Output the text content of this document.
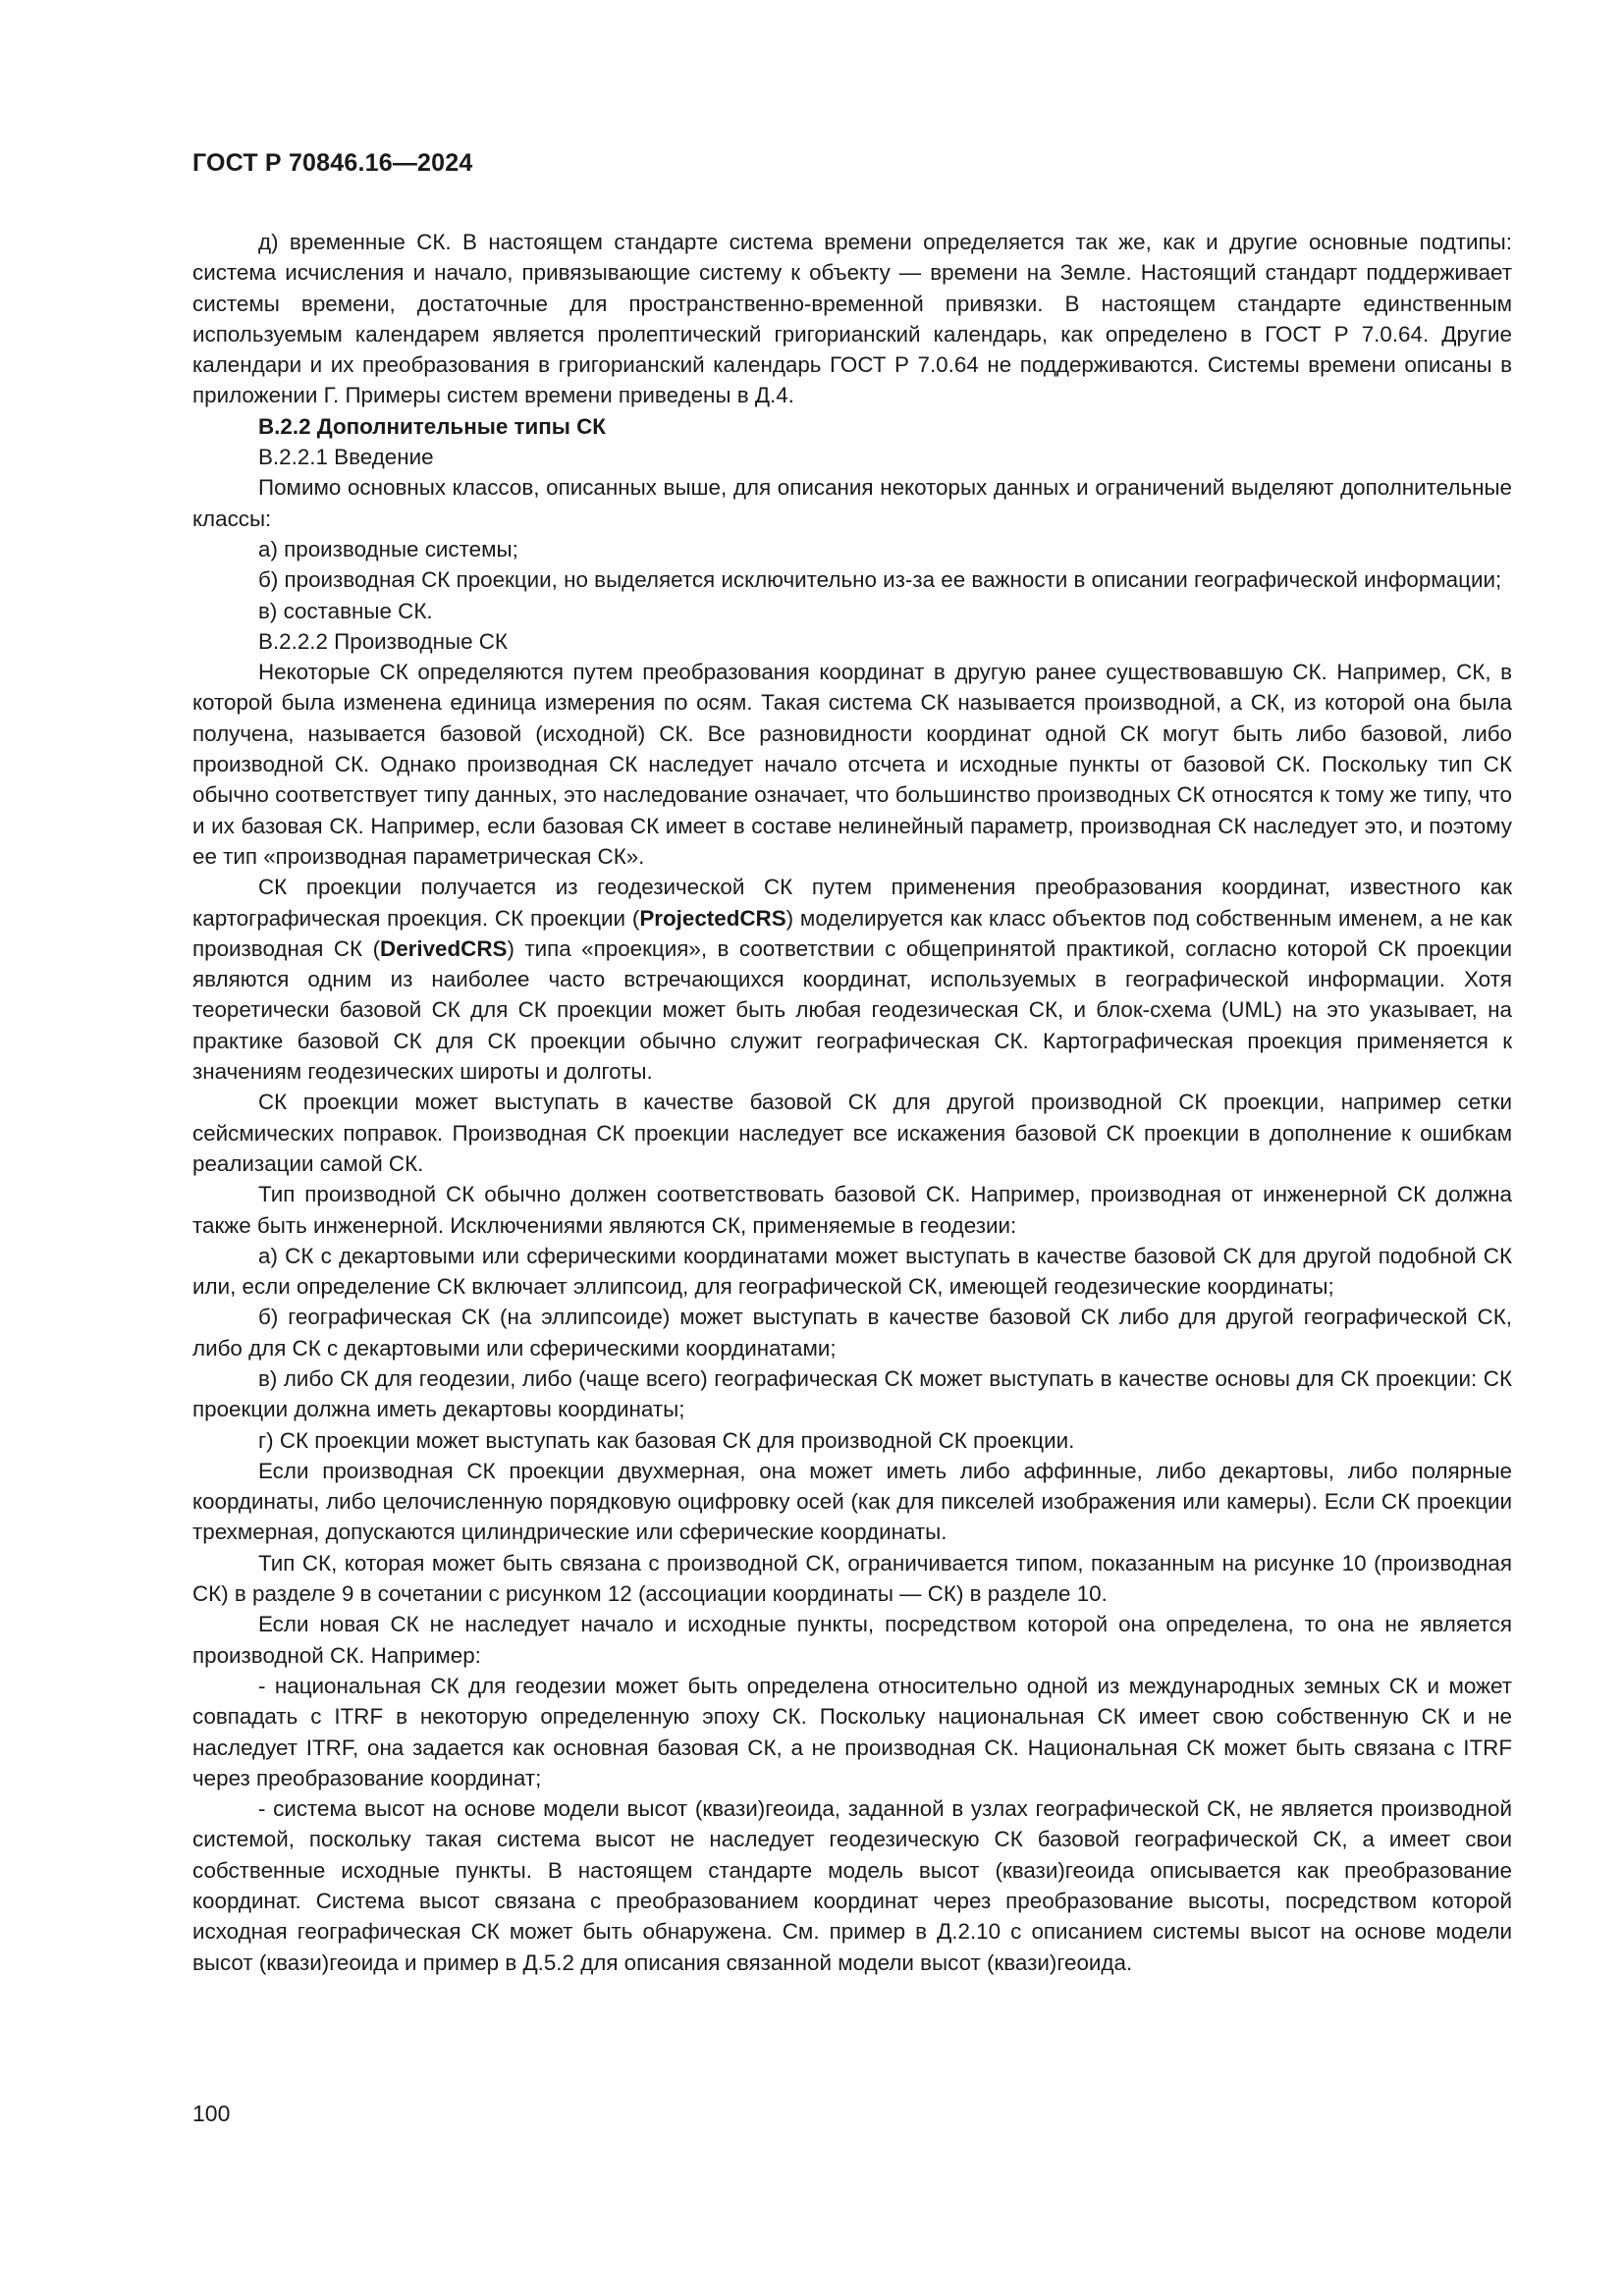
ГОСТ Р 70846.16—2024

д) временные СК. В настоящем стандарте система времени определяется так же, как и другие основные подтипы: система исчисления и начало, привязывающие систему к объекту — времени на Земле. Настоящий стандарт поддерживает системы времени, достаточные для пространственно-временной привязки. В настоящем стандарте единственным используемым календарем является пролептический григорианский календарь, как определено в ГОСТ Р 7.0.64. Другие календари и их преобразования в григорианский календарь ГОСТ Р 7.0.64 не поддерживаются. Системы времени описаны в приложении Г. Примеры систем времени приведены в Д.4.

В.2.2 Дополнительные типы СК

В.2.2.1 Введение

Помимо основных классов, описанных выше, для описания некоторых данных и ограничений выделяют дополнительные классы:

а) производные системы;

б) производная СК проекции, но выделяется исключительно из-за ее важности в описании географической информации;

в) составные СК.

В.2.2.2 Производные СК

Некоторые СК определяются путем преобразования координат в другую ранее существовавшую СК. Например, СК, в которой была изменена единица измерения по осям. Такая система СК называется производной, а СК, из которой она была получена, называется базовой (исходной) СК. Все разновидности координат одной СК могут быть либо базовой, либо производной СК. Однако производная СК наследует начало отсчета и исходные пункты от базовой СК. Поскольку тип СК обычно соответствует типу данных, это наследование означает, что большинство производных СК относятся к тому же типу, что и их базовая СК. Например, если базовая СК имеет в составе нелинейный параметр, производная СК наследует это, и поэтому ее тип «производная параметрическая СК».

СК проекции получается из геодезической СК путем применения преобразования координат, известного как картографическая проекция. СК проекции (ProjectedCRS) моделируется как класс объектов под собственным именем, а не как производная СК (DerivedCRS) типа «проекция», в соответствии с общепринятой практикой, согласно которой СК проекции являются одним из наиболее часто встречающихся координат, используемых в географической информации. Хотя теоретически базовой СК для СК проекции может быть любая геодезическая СК, и блок-схема (UML) на это указывает, на практике базовой СК для СК проекции обычно служит географическая СК. Картографическая проекция применяется к значениям геодезических широты и долготы.

СК проекции может выступать в качестве базовой СК для другой производной СК проекции, например сетки сейсмических поправок. Производная СК проекции наследует все искажения базовой СК проекции в дополнение к ошибкам реализации самой СК.

Тип производной СК обычно должен соответствовать базовой СК. Например, производная от инженерной СК должна также быть инженерной. Исключениями являются СК, применяемые в геодезии:

а) СК с декартовыми или сферическими координатами может выступать в качестве базовой СК для другой подобной СК или, если определение СК включает эллипсоид, для географической СК, имеющей геодезические координаты;

б) географическая СК (на эллипсоиде) может выступать в качестве базовой СК либо для другой географической СК, либо для СК с декартовыми или сферическими координатами;

в) либо СК для геодезии, либо (чаще всего) географическая СК может выступать в качестве основы для СК проекции: СК проекции должна иметь декартовы координаты;

г) СК проекции может выступать как базовая СК для производной СК проекции.

Если производная СК проекции двухмерная, она может иметь либо аффинные, либо декартовы, либо полярные координаты, либо целочисленную порядковую оцифровку осей (как для пикселей изображения или камеры). Если СК проекции трехмерная, допускаются цилиндрические или сферические координаты.

Тип СК, которая может быть связана с производной СК, ограничивается типом, показанным на рисунке 10 (производная СК) в разделе 9 в сочетании с рисунком 12 (ассоциации координаты — СК) в разделе 10.

Если новая СК не наследует начало и исходные пункты, посредством которой она определена, то она не является производной СК. Например:

- национальная СК для геодезии может быть определена относительно одной из международных земных СК и может совпадать с ITRF в некоторую определенную эпоху СК. Поскольку национальная СК имеет свою собственную СК и не наследует ITRF, она задается как основная базовая СК, а не производная СК. Национальная СК может быть связана с ITRF через преобразование координат;

- система высот на основе модели высот (квази)геоида, заданной в узлах географической СК, не является производной системой, поскольку такая система высот не наследует геодезическую СК базовой географической СК, а имеет свои собственные исходные пункты. В настоящем стандарте модель высот (квази)геоида описывается как преобразование координат. Система высот связана с преобразованием координат через преобразование высоты, посредством которой исходная географическая СК может быть обнаружена. См. пример в Д.2.10 с описанием системы высот на основе модели высот (квази)геоида и пример в Д.5.2 для описания связанной модели высот (квази)геоида.

100
